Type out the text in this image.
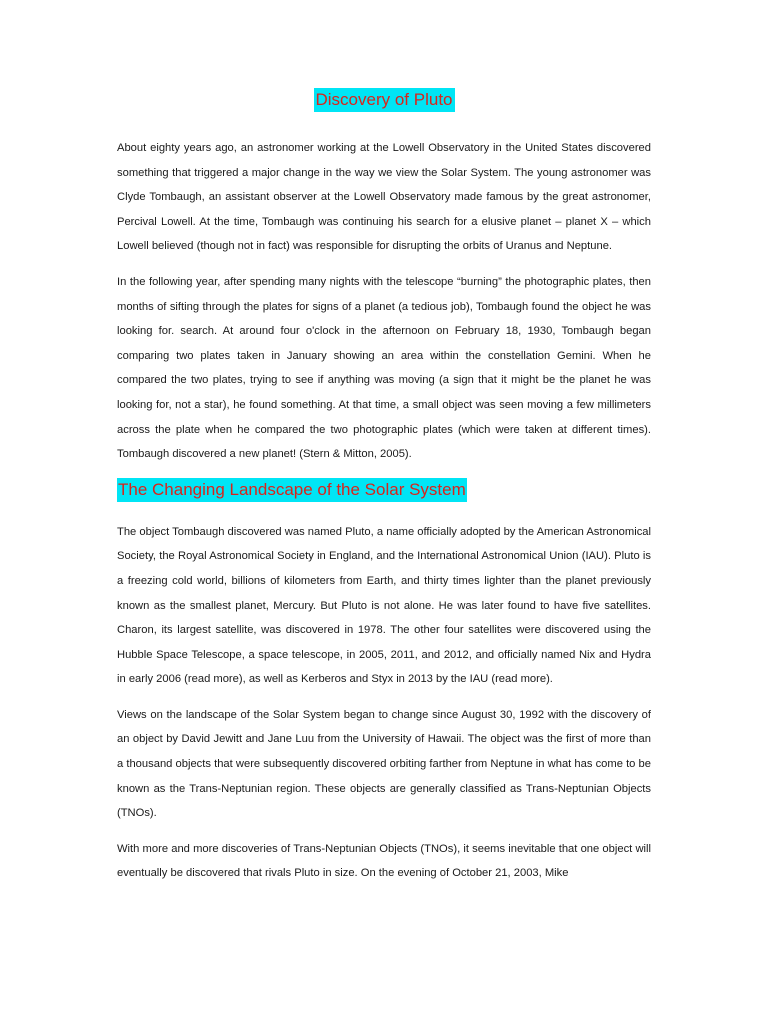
Discovery of Pluto

About eighty years ago, an astronomer working at the Lowell Observatory in the United States discovered something that triggered a major change in the way we view the Solar System. The young astronomer was Clyde Tombaugh, an assistant observer at the Lowell Observatory made famous by the great astronomer, Percival Lowell. At the time, Tombaugh was continuing his search for a elusive planet – planet X – which Lowell believed (though not in fact) was responsible for disrupting the orbits of Uranus and Neptune.

In the following year, after spending many nights with the telescope “burning” the photographic plates, then months of sifting through the plates for signs of a planet (a tedious job), Tombaugh found the object he was looking for. search. At around four o'clock in the afternoon on February 18, 1930, Tombaugh began comparing two plates taken in January showing an area within the constellation Gemini. When he compared the two plates, trying to see if anything was moving (a sign that it might be the planet he was looking for, not a star), he found something. At that time, a small object was seen moving a few millimeters across the plate when he compared the two photographic plates (which were taken at different times). Tombaugh discovered a new planet! (Stern & Mitton, 2005).

The Changing Landscape of the Solar System

The object Tombaugh discovered was named Pluto, a name officially adopted by the American Astronomical Society, the Royal Astronomical Society in England, and the International Astronomical Union (IAU). Pluto is a freezing cold world, billions of kilometers from Earth, and thirty times lighter than the planet previously known as the smallest planet, Mercury. But Pluto is not alone. He was later found to have five satellites. Charon, its largest satellite, was discovered in 1978. The other four satellites were discovered using the Hubble Space Telescope, a space telescope, in 2005, 2011, and 2012, and officially named Nix and Hydra in early 2006 (read more), as well as Kerberos and Styx in 2013 by the IAU (read more).

Views on the landscape of the Solar System began to change since August 30, 1992 with the discovery of an object by David Jewitt and Jane Luu from the University of Hawaii. The object was the first of more than a thousand objects that were subsequently discovered orbiting farther from Neptune in what has come to be known as the Trans-Neptunian region. These objects are generally classified as Trans-Neptunian Objects (TNOs).

With more and more discoveries of Trans-Neptunian Objects (TNOs), it seems inevitable that one object will eventually be discovered that rivals Pluto in size. On the evening of October 21, 2003, Mike
